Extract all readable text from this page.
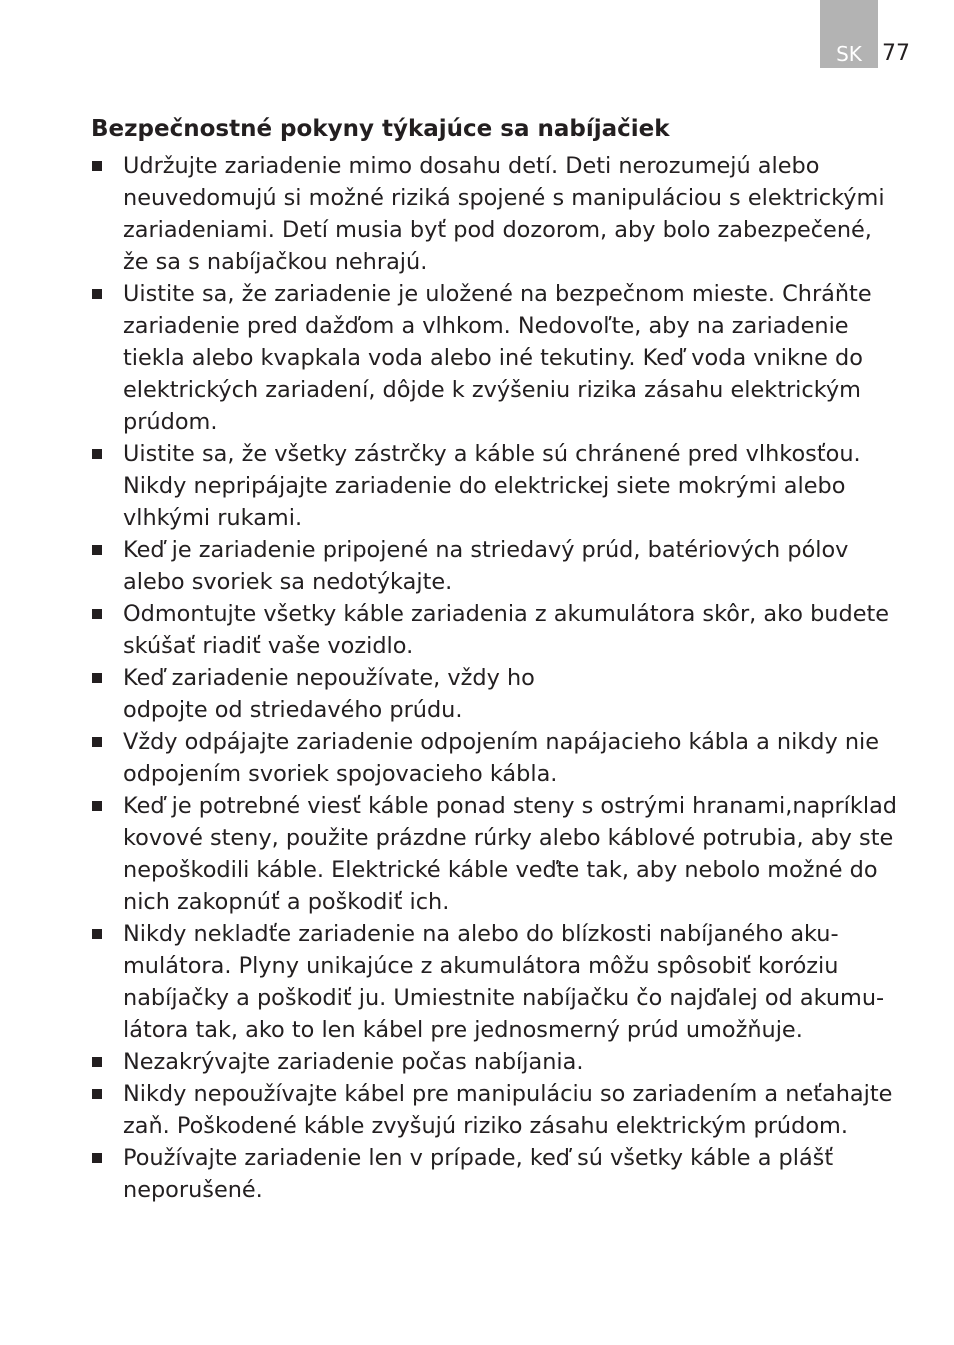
SK 77
Bezpečnostné pokyny týkajúce sa nabíjačiek
Udržujte zariadenie mimo dosahu detí. Deti nerozumejú alebo
neuvedomujú si možné riziká spojené s manipuláciou s elektrickými
zariadeniami. Detí musia byť pod dozorom, aby bolo zabezpečené,
že sa s nabíjačkou nehrajú.
Uistite sa, že zariadenie je uložené na bezpečnom mieste. Chráňte
zariadenie pred dažďom a vlhkom. Nedovoľte, aby na zariadenie
tiekla alebo kvapkala voda alebo iné tekutiny. Keď voda vnikne do
elektrických zariadení, dôjde k zvýšeniu rizika zásahu elektrickým
prúdom.
Uistite sa, že všetky zástrčky a káble sú chránené pred vlhkosťou.
Nikdy nepripájajte zariadenie do elektrickej siete mokrými alebo
vlhkými rukami.
Keď je zariadenie pripojené na striedavý prúd, batériových pólov
alebo svoriek sa nedotýkajte.
Odmontujte všetky káble zariadenia z akumulátora skôr, ako budete
skúšať riadiť vaše vozidlo.
Keď zariadenie nepoužívate, vždy ho
odpojte od striedavého prúdu.
Vždy odpájajte zariadenie odpojením napájacieho kábla a nikdy nie
odpojením svoriek spojovacieho kábla.
Keď je potrebné viesť káble ponad steny s ostrými hranami,napríklad
kovové steny, použite prázdne rúrky alebo káblové potrubia, aby ste
nepoškodili káble. Elektrické káble veďte tak, aby nebolo možné do
nich zakopnúť a poškodiť ich.
Nikdy nekladťe zariadenie na alebo do blízkosti nabíjaného aku-
mulátora. Plyny unikajúce z akumulátora môžu spôsobiť koróziu
nabíjačky a poškodiť ju. Umiestnite nabíjačku čo najďalej od akumu-
látora tak, ako to len kábel pre jednosmerný prúd umožňuje.
Nezakrývajte zariadenie počas nabíjania.
Nikdy nepoužívajte kábel pre manipuláciu so zariadením a neťahajte
zaň. Poškodené káble zvyšujú riziko zásahu elektrickým prúdom.
Používajte zariadenie len v prípade, keď sú všetky káble a plášť
neporušené.
